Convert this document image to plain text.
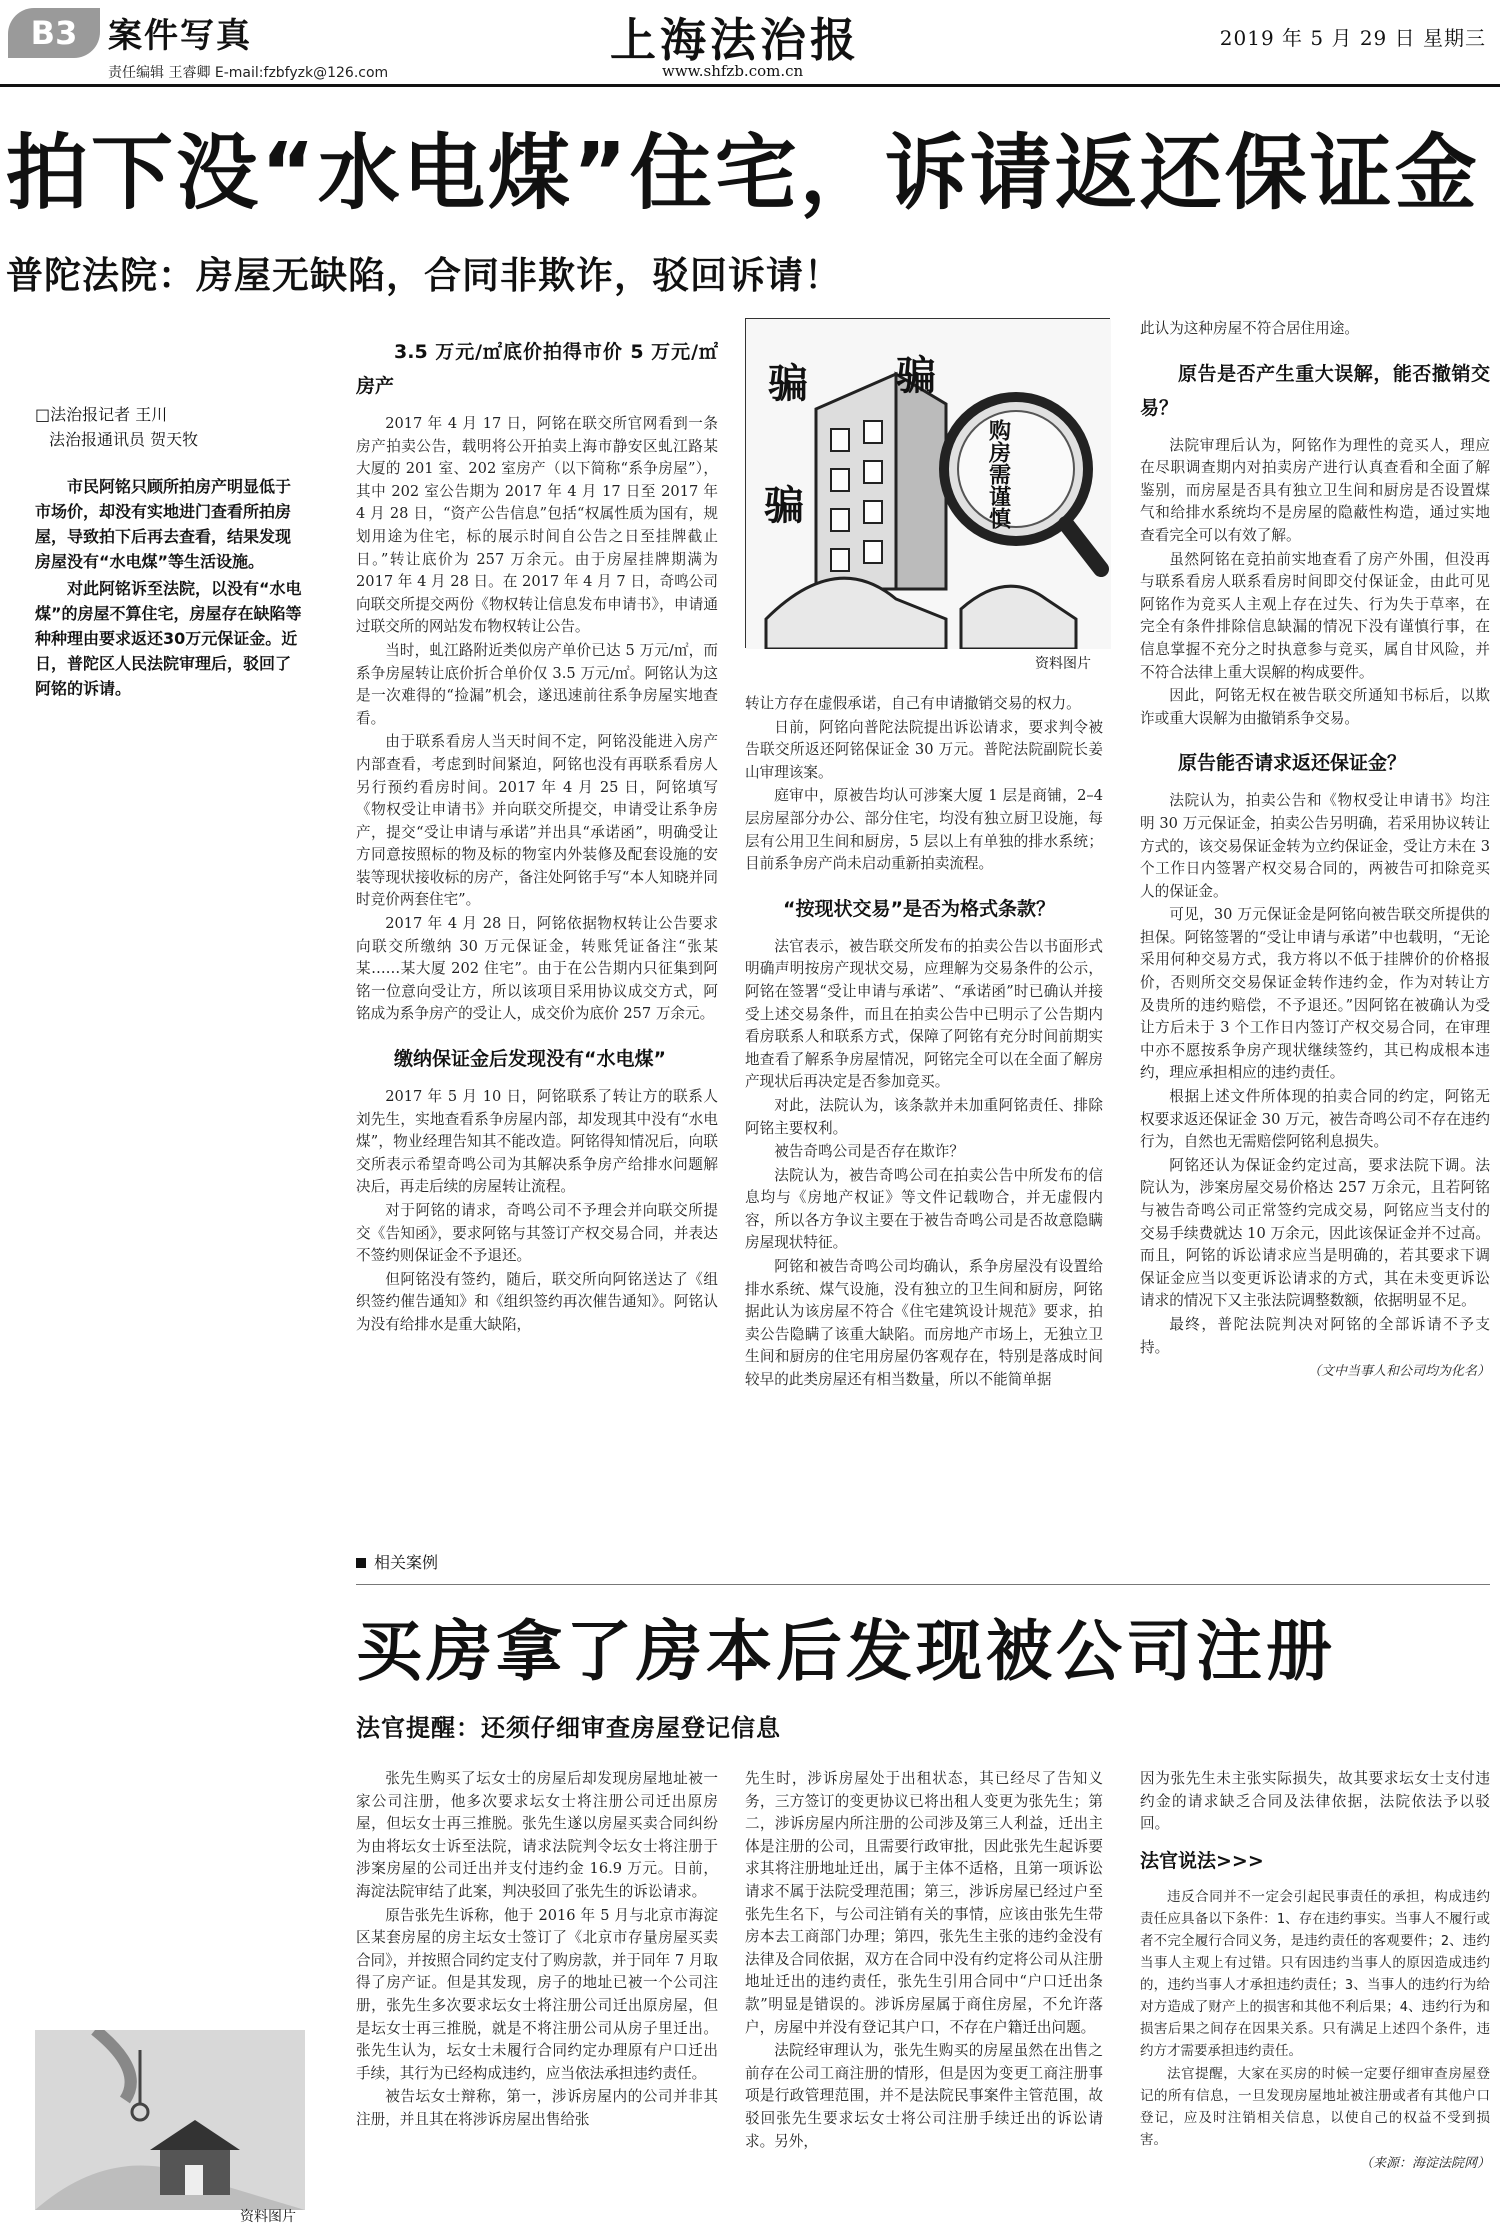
B3 案件写真
责任编辑 王睿卿 E-mail:fzbfyzk@126.com
上海法治报
www.shfzb.com.cn
2019 年 5 月 29 日 星期三
拍下没“水电煤”住宅，诉请返还保证金
普陀法院：房屋无缺陷，合同非欺诈，驳回诉请！

□法治报记者 王川

法治报通讯员 贺天牧

市民阿铭只顾所拍房产明显低于市场价，却没有实地进门查看所拍房屋，导致拍下后再去查看，结果发现房屋没有“水电煤”等生活设施。

对此阿铭诉至法院，以没有“水电煤”的房屋不算住宅，房屋存在缺陷等种种理由要求返还30万元保证金。近日，普陀区人民法院审理后，驳回了阿铭的诉请。

3.5 万元/㎡底价拍得市价 5 万元/㎡房产

2017 年 4 月 17 日，阿铭在联交所官网看到一条房产拍卖公告，载明将公开拍卖上海市静安区虬江路某大厦的 201 室、202 室房产（以下简称“系争房屋”），其中 202 室公告期为 2017 年 4 月 17 日至 2017 年 4 月 28 日，“资产公告信息”包括“权属性质为国有，规划用途为住宅，标的展示时间自公告之日至挂牌截止日。”转让底价为 257 万余元。由于房屋挂牌期满为 2017 年 4 月 28 日。在 2017 年 4 月 7 日，奇鸣公司向联交所提交两份《物权转让信息发布申请书》，申请通过联交所的网站发布物权转让公告。

当时，虬江路附近类似房产单价已达 5 万元/㎡，而系争房屋转让底价折合单价仅 3.5 万元/㎡。阿铭认为这是一次难得的“捡漏”机会，遂迅速前往系争房屋实地查看。

由于联系看房人当天时间不定，阿铭没能进入房产内部查看，考虑到时间紧迫，阿铭也没有再联系看房人另行预约看房时间。2017 年 4 月 25 日，阿铭填写《物权受让申请书》并向联交所提交，申请受让系争房产，提交“受让申请与承诺”并出具“承诺函”，明确受让方同意按照标的物及标的物室内外装修及配套设施的安装等现状接收标的房产，备注处阿铭手写“本人知晓并同时竞价两套住宅”。

2017 年 4 月 28 日，阿铭依据物权转让公告要求向联交所缴纳 30 万元保证金，转账凭证备注“张某某……某大厦 202 住宅”。由于在公告期内只征集到阿铭一位意向受让方，所以该项目采用协议成交方式，阿铭成为系争房产的受让人，成交价为底价 257 万余元。

缴纳保证金后发现没有“水电煤”

2017 年 5 月 10 日，阿铭联系了转让方的联系人刘先生，实地查看系争房屋内部，却发现其中没有“水电煤”，物业经理告知其不能改造。阿铭得知情况后，向联交所表示希望奇鸣公司为其解决系争房产给排水问题解决后，再走后续的房屋转让流程。

对于阿铭的请求，奇鸣公司不予理会并向联交所提交《告知函》，要求阿铭与其签订产权交易合同，并表达不签约则保证金不予退还。

但阿铭没有签约，随后，联交所向阿铭送达了《组织签约催告通知》和《组织签约再次催告通知》。阿铭认为没有给排水是重大缺陷，

骗 骗
骗	购房需谨慎
资料图片

转让方存在虚假承诺，自己有申请撤销交易的权力。

日前，阿铭向普陀法院提出诉讼请求，要求判令被告联交所返还阿铭保证金 30 万元。普陀法院副院长姜山审理该案。

庭审中，原被告均认可涉案大厦 1 层是商铺，2–4 层房屋部分办公、部分住宅，均没有独立厨卫设施，每层有公用卫生间和厨房，5 层以上有单独的排水系统；目前系争房产尚未启动重新拍卖流程。

“按现状交易”是否为格式条款？

法官表示，被告联交所发布的拍卖公告以书面形式明确声明按房产现状交易，应理解为交易条件的公示，阿铭在签署“受让申请与承诺”、“承诺函”时已确认并接受上述交易条件，而且在拍卖公告中已明示了公告期内看房联系人和联系方式，保障了阿铭有充分时间前期实地查看了解系争房屋情况，阿铭完全可以在全面了解房产现状后再决定是否参加竞买。

对此，法院认为，该条款并未加重阿铭责任、排除阿铭主要权利。

被告奇鸣公司是否存在欺诈？

法院认为，被告奇鸣公司在拍卖公告中所发布的信息均与《房地产权证》等文件记载吻合，并无虚假内容，所以各方争议主要在于被告奇鸣公司是否故意隐瞒房屋现状特征。

阿铭和被告奇鸣公司均确认，系争房屋没有设置给排水系统、煤气设施，没有独立的卫生间和厨房，阿铭据此认为该房屋不符合《住宅建筑设计规范》要求，拍卖公告隐瞒了该重大缺陷。而房地产市场上，无独立卫生间和厨房的住宅用房屋仍客观存在，特别是落成时间较早的此类房屋还有相当数量，所以不能简单据

此认为这种房屋不符合居住用途。

原告是否产生重大误解，能否撤销交易？

法院审理后认为，阿铭作为理性的竞买人，理应在尽职调查期内对拍卖房产进行认真查看和全面了解鉴别，而房屋是否具有独立卫生间和厨房是否设置煤气和给排水系统均不是房屋的隐蔽性构造，通过实地查看完全可以有效了解。

虽然阿铭在竞拍前实地查看了房产外围，但没再与联系看房人联系看房时间即交付保证金，由此可见阿铭作为竞买人主观上存在过失、行为失于草率，在完全有条件排除信息缺漏的情况下没有谨慎行事，在信息掌握不充分之时执意参与竞买，属自甘风险，并不符合法律上重大误解的构成要件。

因此，阿铭无权在被告联交所通知书标后，以欺诈或重大误解为由撤销系争交易。

原告能否请求返还保证金？

法院认为，拍卖公告和《物权受让申请书》均注明 30 万元保证金，拍卖公告另明确，若采用协议转让方式的，该交易保证金转为立约保证金，受让方未在 3 个工作日内签署产权交易合同的，两被告可扣除竞买人的保证金。

可见，30 万元保证金是阿铭向被告联交所提供的担保。阿铭签署的“受让申请与承诺”中也载明，“无论采用何种交易方式，我方将以不低于挂牌价的价格报价，否则所交交易保证金转作违约金，作为对转让方及贵所的违约赔偿，不予退还。”因阿铭在被确认为受让方后未于 3 个工作日内签订产权交易合同，在审理中亦不愿按系争房产现状继续签约，其已构成根本违约，理应承担相应的违约责任。

根据上述文件所体现的拍卖合同的约定，阿铭无权要求返还保证金 30 万元，被告奇鸣公司不存在违约行为，自然也无需赔偿阿铭利息损失。

阿铭还认为保证金约定过高，要求法院下调。法院认为，涉案房屋交易价格达 257 万余元，且若阿铭与被告奇鸣公司正常签约完成交易，阿铭应当支付的交易手续费就达 10 万余元，因此该保证金并不过高。而且，阿铭的诉讼请求应当是明确的，若其要求下调保证金应当以变更诉讼请求的方式，其在未变更诉讼请求的情况下又主张法院调整数额，依据明显不足。

最终，普陀法院判决对阿铭的全部诉请不予支持。

（文中当事人和公司均为化名）
相关案例
买房拿了房本后发现被公司注册
法官提醒：还须仔细审查房屋登记信息

张先生购买了坛女士的房屋后却发现房屋地址被一家公司注册，他多次要求坛女士将注册公司迁出原房屋，但坛女士再三推脱。张先生遂以房屋买卖合同纠纷为由将坛女士诉至法院，请求法院判令坛女士将注册于涉案房屋的公司迁出并支付违约金 16.9 万元。日前，海淀法院审结了此案，判决驳回了张先生的诉讼请求。

原告张先生诉称，他于 2016 年 5 月与北京市海淀区某套房屋的房主坛女士签订了《北京市存量房屋买卖合同》，并按照合同约定支付了购房款，并于同年 7 月取得了房产证。但是其发现，房子的地址已被一个公司注册，张先生多次要求坛女士将注册公司迁出原房屋，但是坛女士再三推脱，就是不将注册公司从房子里迁出。张先生认为，坛女士未履行合同约定办理原有户口迁出手续，其行为已经构成违约，应当依法承担违约责任。

被告坛女士辩称，第一，涉诉房屋内的公司并非其注册，并且其在将涉诉房屋出售给张

先生时，涉诉房屋处于出租状态，其已经尽了告知义务，三方签订的变更协议已将出租人变更为张先生；第二，涉诉房屋内所注册的公司涉及第三人利益，迁出主体是注册的公司，且需要行政审批，因此张先生起诉要求其将注册地址迁出，属于主体不适格，且第一项诉讼请求不属于法院受理范围；第三，涉诉房屋已经过户至张先生名下，与公司注销有关的事情，应该由张先生带房本去工商部门办理；第四，张先生主张的违约金没有法律及合同依据，双方在合同中没有约定将公司从注册地址迁出的违约责任，张先生引用合同中“户口迁出条款”明显是错误的。涉诉房屋属于商住房屋，不允许落户，房屋中并没有登记其户口，不存在户籍迁出问题。

法院经审理认为，张先生购买的房屋虽然在出售之前存在公司工商注册的情形，但是因为变更工商注册事项是行政管理范围，并不是法院民事案件主管范围，故驳回张先生要求坛女士将公司注册手续迁出的诉讼请求。另外，

因为张先生未主张实际损失，故其要求坛女士支付违约金的请求缺乏合同及法律依据，法院依法予以驳回。

法官说法>>>

违反合同并不一定会引起民事责任的承担，构成违约责任应具备以下条件：1、存在违约事实。当事人不履行或者不完全履行合同义务，是违约责任的客观要件；2、违约当事人主观上有过错。只有因违约当事人的原因造成违约的，违约当事人才承担违约责任；3、当事人的违约行为给对方造成了财产上的损害和其他不利后果；4、违约行为和损害后果之间存在因果关系。只有满足上述四个条件，违约方才需要承担违约责任。

法官提醒，大家在买房的时候一定要仔细审查房屋登记的所有信息，一旦发现房屋地址被注册或者有其他户口登记，应及时注销相关信息，以使自己的权益不受到损害。

（来源：海淀法院网）
资料图片
